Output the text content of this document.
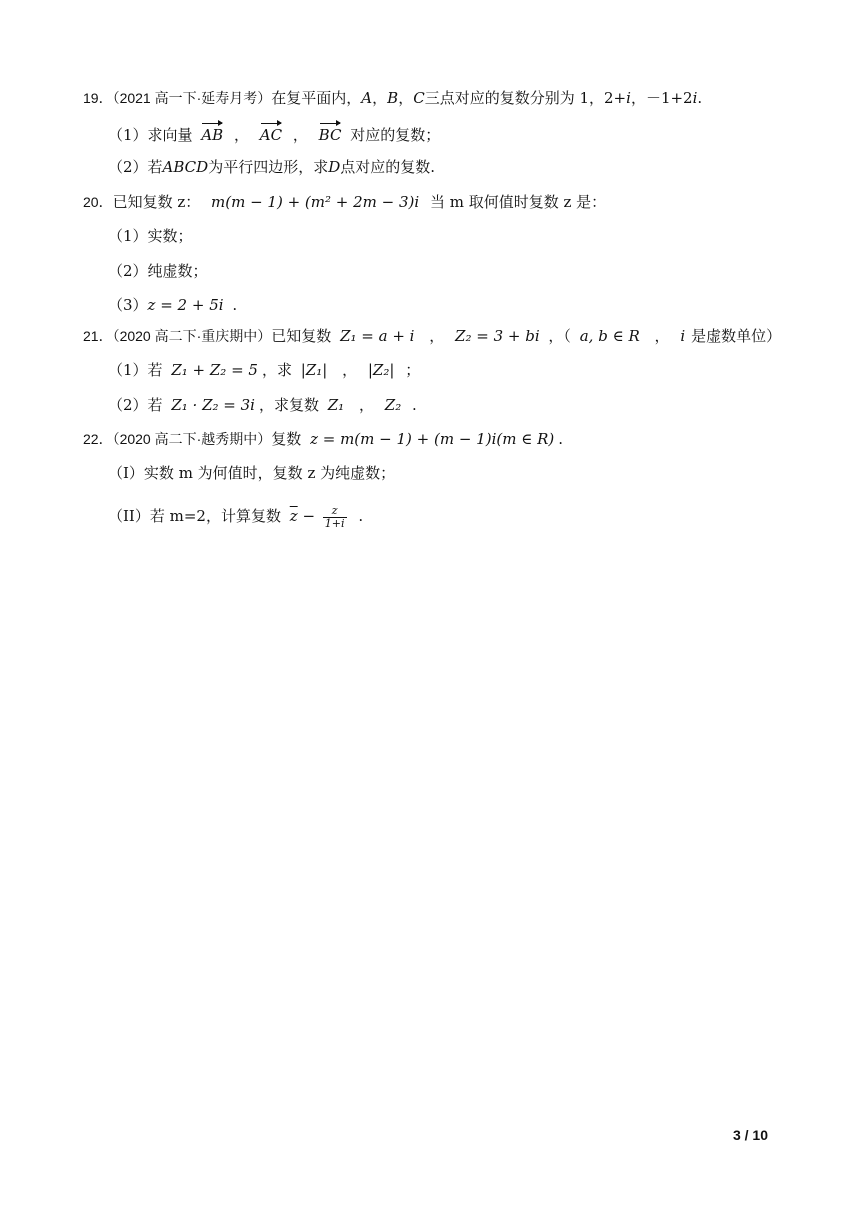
19．（2021 高一下·延寿月考）在复平面内，A，B，C三点对应的复数分别为 1，2+i，－1+2i.
（1）求向量 AB ， AC ， BC 对应的复数；
（2）若ABCD为平行四边形，求D点对应的复数.
20．已知复数 z： m(m − 1) + (m² + 2m − 3)i 当 m 取何值时复数 z 是：
（1）实数；
（2）纯虚数；
（3）z = 2 + 5i .
21．（2020 高二下·重庆期中）已知复数 Z₁ = a + i ， Z₂ = 3 + bi ，（ a, b ∈ R ， i 是虚数单位）
（1）若 Z₁ + Z₂ = 5 ，求 |Z₁| ， |Z₂| ；
（2）若 Z₁ · Z₂ = 3i ，求复数 Z₁ ， Z₂ .
22．（2020 高二下·越秀期中）复数 z = m(m − 1) + (m − 1)i(m ∈ R) .
（I）实数 m 为何值时，复数 z 为纯虚数；
（II）若 m=2，计算复数 $\overline{z} - \frac{z}{1+i}$ .
3 / 10
